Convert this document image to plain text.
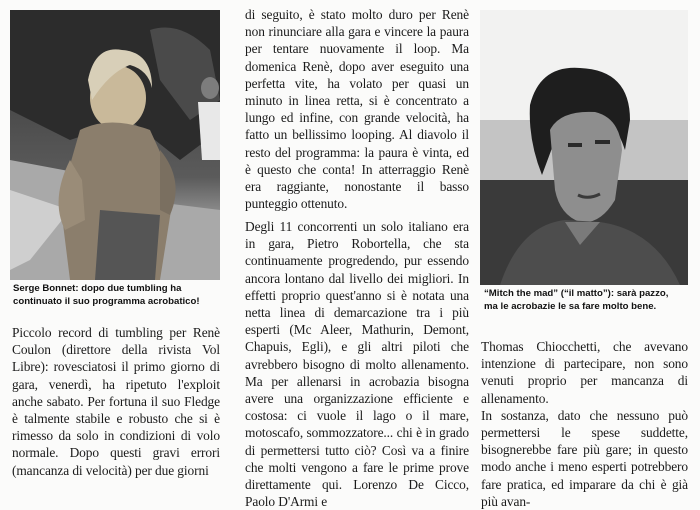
Serge Bonnet: dopo due tumbling ha continuato il suo programma acrobatico!
“Mitch the mad” (“il matto”): sarà pazzo, ma le acrobazie le sa fare molto bene.

Piccolo record di tumbling per Renè Coulon (direttore della rivista Vol Libre): rovesciatosi il primo giorno di gara, venerdì, ha ripetuto l'exploit anche sabato. Per fortuna il suo Fledge è talmente stabile e robusto che si è rimesso da solo in condizioni di volo normale. Dopo questi gravi errori (mancanza di velocità) per due giorni

di seguito, è stato molto duro per Renè non rinunciare alla gara e vincere la paura per tentare nuovamente il loop. Ma domenica Renè, dopo aver eseguito una perfetta vite, ha volato per quasi un minuto in linea retta, si è concentrato a lungo ed infine, con grande velocità, ha fatto un bellissimo looping. Al diavolo il resto del programma: la paura è vinta, ed è questo che conta! In atterraggio Renè era raggiante, nonostante il basso punteggio ottenuto.

Degli 11 concorrenti un solo italiano era in gara, Pietro Robortella, che sta continuamente progredendo, pur essendo ancora lontano dal livello dei migliori. In effetti proprio quest'anno si è notata una netta linea di demarcazione tra i più esperti (Mc Aleer, Mathurin, Demont, Chapuis, Egli), e gli altri piloti che avrebbero bisogno di molto allenamento. Ma per allenarsi in acrobazia bisogna avere una organizzazione efficiente e costosa: ci vuole il lago o il mare, motoscafo, sommozzatore... chi è in grado di permettersi tutto ciò? Così va a finire che molti vengono a fare le prime prove direttamente qui. Lorenzo De Cicco, Paolo D'Armi e

Thomas Chiocchetti, che avevano intenzione di partecipare, non sono venuti proprio per mancanza di allenamento.

In sostanza, dato che nessuno può permettersi le spese suddette, bisognerebbe fare più gare; in questo modo anche i meno esperti potrebbero fare pratica, ed imparare da chi è già più avan-
